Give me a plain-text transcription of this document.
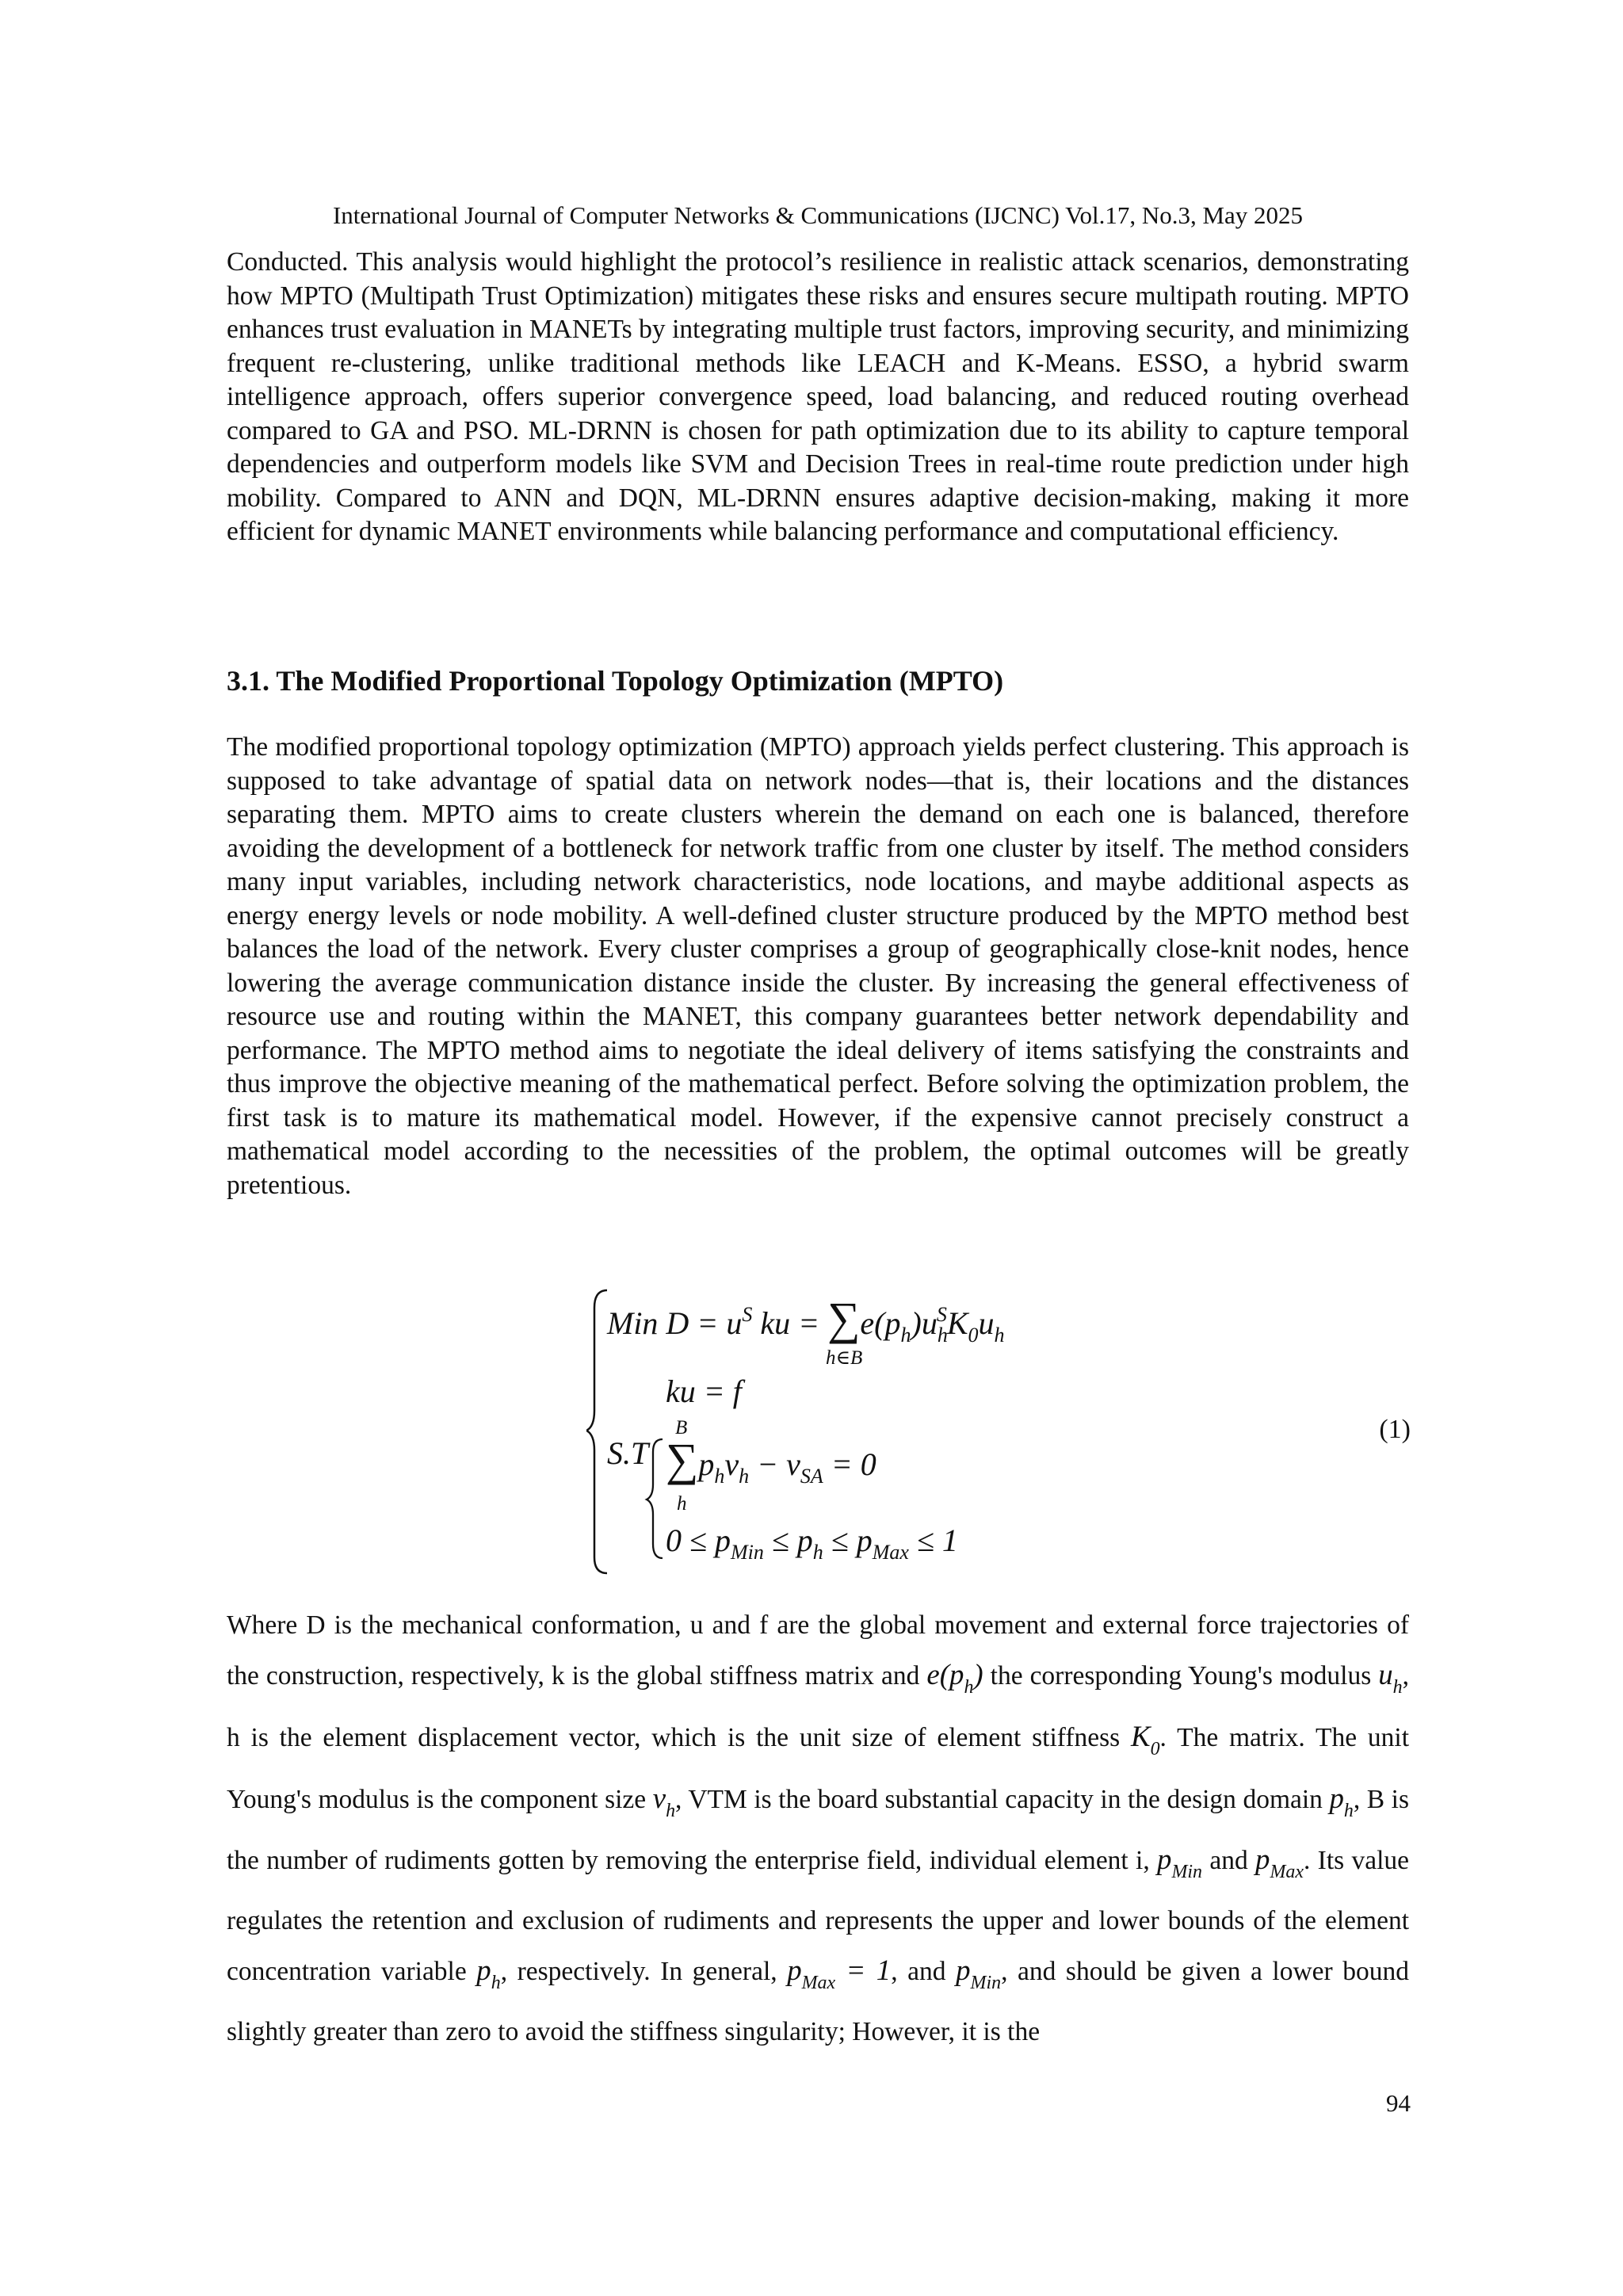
International Journal of Computer Networks & Communications (IJCNC) Vol.17, No.3, May 2025

Conducted. This analysis would highlight the protocol’s resilience in realistic attack scenarios, demonstrating how MPTO (Multipath Trust Optimization) mitigates these risks and ensures secure multipath routing. MPTO enhances trust evaluation in MANETs by integrating multiple trust factors, improving security, and minimizing frequent re-clustering, unlike traditional methods like LEACH and K-Means. ESSO, a hybrid swarm intelligence approach, offers superior convergence speed, load balancing, and reduced routing overhead compared to GA and PSO. ML-DRNN is chosen for path optimization due to its ability to capture temporal dependencies and outperform models like SVM and Decision Trees in real-time route prediction under high mobility. Compared to ANN and DQN, ML-DRNN ensures adaptive decision-making, making it more efficient for dynamic MANET environments while balancing performance and computational efficiency.

3.1. The Modified Proportional Topology Optimization (MPTO)

The modified proportional topology optimization (MPTO) approach yields perfect clustering. This approach is supposed to take advantage of spatial data on network nodes—that is, their locations and the distances separating them. MPTO aims to create clusters wherein the demand on each one is balanced, therefore avoiding the development of a bottleneck for network traffic from one cluster by itself. The method considers many input variables, including network characteristics, node locations, and maybe additional aspects as energy energy levels or node mobility. A well-defined cluster structure produced by the MPTO method best balances the load of the network. Every cluster comprises a group of geographically close-knit nodes, hence lowering the average communication distance inside the cluster. By increasing the general effectiveness of resource use and routing within the MANET, this company guarantees better network dependability and performance. The MPTO method aims to negotiate the ideal delivery of items satisfying the constraints and thus improve the objective meaning of the mathematical perfect. Before solving the optimization problem, the first task is to mature its mathematical model. However, if the expensive cannot precisely construct a mathematical model according to the necessities of the problem, the optimal outcomes will be greatly pretentious.

Min $D = u^S$ ku = $\sum e(p_h)u_h^SK_0u_h$
h∈B
ku = f
S.T
B
$\sum p_hv_h - v_{SA} = 0$
h
$0 \le p_{Min} \le p_h \le p_{Max} \le 1$
(1)

Where D is the mechanical conformation, u and f are the global movement and external force trajectories of the construction, respectively, k is the global stiffness matrix and $e(p_h)$ the corresponding Young's modulus $u_h$, h is the element displacement vector, which is the unit size of element stiffness $K_0$. The matrix. The unit Young's modulus is the component size $v_h$, VTM is the board substantial capacity in the design domain $p_h$, B is the number of rudiments gotten by removing the enterprise field, individual element i, $p_{Min}$ and $p_{Max}$. Its value regulates the retention and exclusion of rudiments and represents the upper and lower bounds of the element concentration variable $p_h$, respectively. In general, $p_{Max} = 1$, and $p_{Min}$, and should be given a lower bound slightly greater than zero to avoid the stiffness singularity; However, it is the

94
